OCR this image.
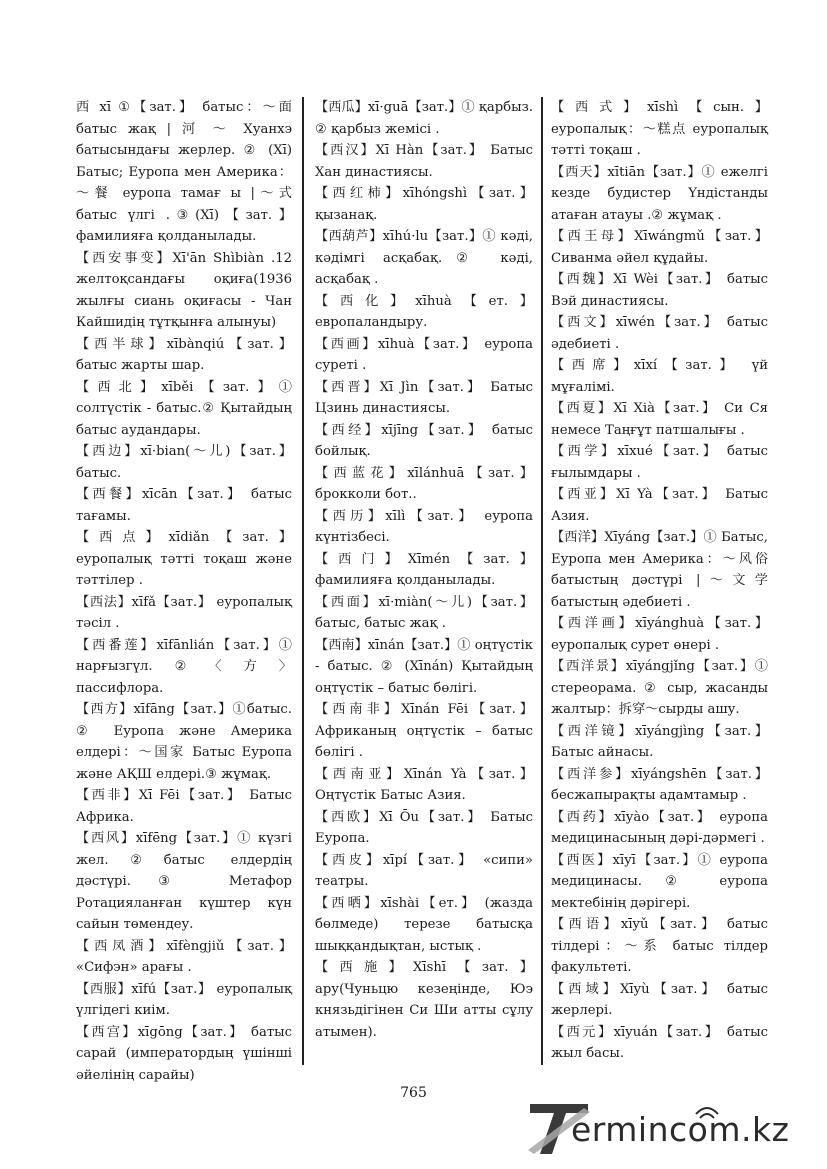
西 xī ①【зат.】 батыс：～面 батыс жақ | 河 ～ Хуанхэ батысындағы жерлер. ② (Xī) Батыс; Еуропа мен Америка：～餐 еуропа тамағ ы |～式 батыс үлгі .③(Xī)【зат.】 фамилияға қолданылады.

【西安事变】Xī'ān Shìbiàn .12 желтоқсандағы оқиға(1936 жылғы сиань оқиғасы - Чан Кайшидің тұтқынға алынуы)

【西半球】xībànqiú【зат.】 батыс жарты шар.

【西北】xīběi【зат.】① солтүстік - батыс.② Қытайдың батыс аудандары.

【西边】xī·bian(～儿)【зат.】 батыс.

【西餐】xīcān【зат.】 батыс тағамы.

【西点】xīdiǎn【зат.】 еуропалық тәтті тоқаш және тәттілер .

【西法】xīfǎ【зат.】 еуропалық тәсіл .

【西番莲】xīfānlián【зат.】① нарғызгүл.②〈方〉 пассифлора.

【西方】xīfāng【зат.】①батыс. ② Еуропа және Америка елдері：～国家 Батыс Еуропа және АҚШ елдері.③ жұмақ.

【西非】Xī Fēi【зат.】 Батыс Африка.

【西风】xīfēng【зат.】① күзгі жел.②батыс елдердің дәстүрі.③ Метафор Ротацияланған күштер күн сайын төмендеу.

【西凤酒】xīfèngjiǔ【зат.】 «Сифэн» арағы .

【西服】xīfú【зат.】 еуропалық үлгідегі киім.

【西宫】xīgōng【зат.】 батыс сарай (императордың үшінші әйелінің сарайы)

【西瓜】xī·guā【зат.】① қарбыз. ② қарбыз жемісі .

【西汉】Xī Hàn【зат.】 Батыс Хан династиясы.

【西红柿】xīhóngshì【зат.】 қызанақ.

【西葫芦】xīhú·lu【зат.】① кәді, кәдімгі асқабақ.② кәді, асқабақ .

【西化】xīhuà【ет.】 европаландыру.

【西画】xīhuà【зат.】 еуропа суреті .

【西晋】Xī Jìn【зат.】 Батыс Цзинь династиясы.

【西经】xījīng【зат.】 батыс бойлық.

【西蓝花】xīlánhuā【зат.】 брокколи бот..

【西历】xīlì【зат.】 еуропа күнтізбесі.

【西门】Xīmén【зат.】 фамилияға қолданылады.

【西面】xī·miàn(～儿)【зат.】 батыс, батыс жақ .

【西南】xīnán【зат.】① оңтүстік - батыс. ② (Xīnán) Қытайдың оңтүстік – батыс бөлігі.

【西南非】Xīnán Fēi【зат.】 Африканың оңтүстік – батыс бөлігі .

【西南亚】Xīnán Yà【зат.】 Оңтүстік Батыс Азия.

【西欧】Xī Ōu【зат.】 Батыс Еуропа.

【西皮】xīpí【зат.】 «сипи» театры.

【西晒】xīshài【ет.】 (жазда бөлмеде) терезе батысқа шыққандықтан, ыстық .

【西施】Xīshī【зат.】 ару(Чуньцю кезеңінде, Юэ князьдігінен Си Ши атты сұлу атымен).

【西式】xīshì【сын.】 еуропалық：～糕点 еуропалық тәтті тоқаш .

【西天】xītiān【зат.】① ежелгі кезде будистер Үндістанды атаған атауы .② жұмақ .

【西王母】Xīwángmǔ【зат.】 Сиванма әйел құдайы.

【西魏】Xī Wèi【зат.】 батыс Вэй династиясы.

【西文】xīwén【зат.】 батыс әдебиеті .

【西席】xīxí【зат.】 үй мұғалімі.

【西夏】Xī Xià【зат.】 Си Ся немесе Таңғұт патшалығы .

【西学】xīxué【зат.】 батыс ғылымдары .

【西亚】Xī Yà【зат.】 Батыс Азия.

【西洋】Xīyáng【зат.】① Батыс, Еуропа мен Америка：～风俗 батыстың дәстүрі |～文学 батыстың әдебиеті .

【西洋画】xīyánghuà【зат.】 еуропалық сурет өнері .

【西洋景】xīyángjǐng【зат.】① стереорама. ② сыр, жасанды жалтыр：拆穿～сырды ашу.

【西洋镜】xīyángjìng【зат.】 Батыс айнасы.

【西洋参】xīyángshēn【зат.】 бесжапырақты адамтамыр .

【西药】xīyào【зат.】 еуропа медицинасының дәрі-дәрмегі .

【西医】xīyī【зат.】① еуропа медицинасы. ② еуропа мектебінің дәрігері.

【西语】xīyǔ【зат.】 батыс тілдері：～系 батыс тілдер факультеті.

【西域】Xīyù【зат.】 батыс жерлері.

【西元】xīyuán【зат.】 батыс жыл басы.

765
ermincom.kz
